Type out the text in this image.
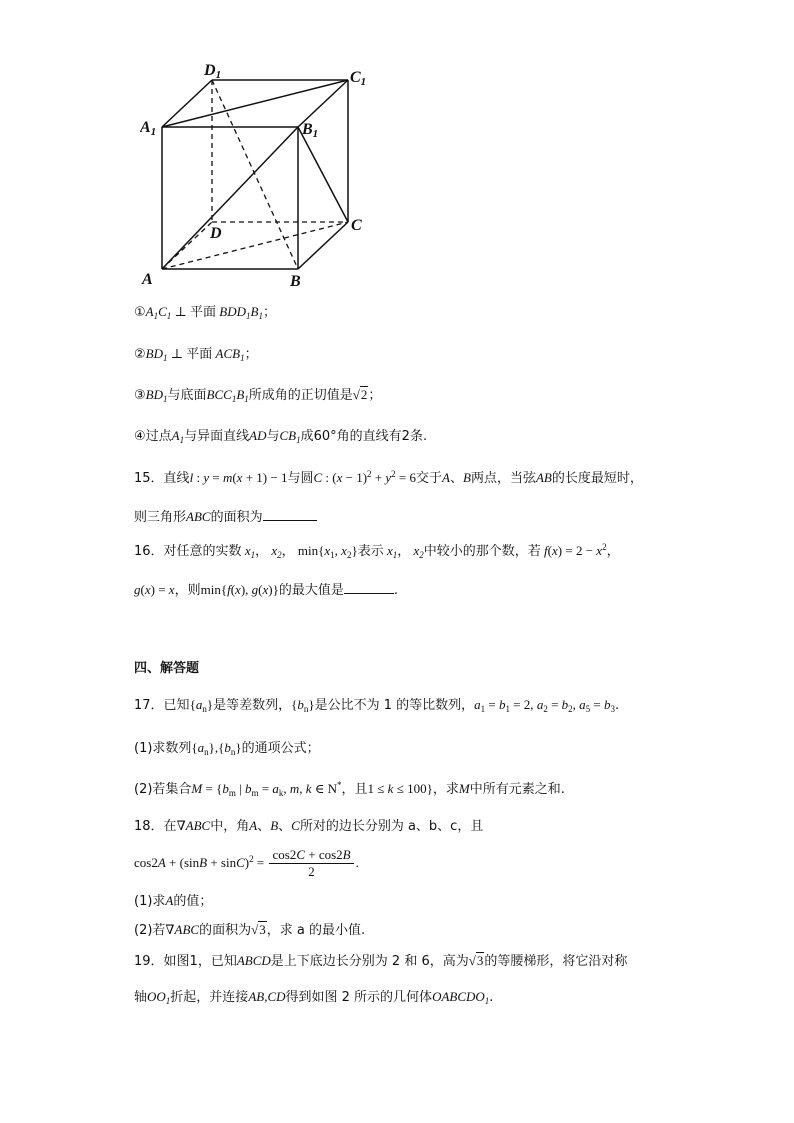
A	B
C
D
A1	B1
C1
D1
$①A_1C_1$ ⊥ 平面 $BDD_1B_1$；
$②BD_1$ ⊥ 平面 $ACB_1$；
$③BD_1$与底面$BCC_1B_1$所成角的正切值是√2；
④过点$A_1$与异面直线AD与$CB_1$成60°角的直线有2条.
15．直线l : y = m(x + 1) − 1与圆C : $(x - 1)^2 + y^2 = 6$交于A、B两点，当弦AB的长度最短时，
则三角形ABC的面积为
16．对任意的实数 $x_1$， $x_2$， $\min\{x_1$, $x_2$}表示 $x_1$， $x_2$中较小的那个数，若 $f(x) = 2 - x^2$，
g(x) = x，则min{f(x), g(x)}的最大值是	.
四、解答题
17．已知$\{a_n\}$是等差数列，$\{b_n\}$是公比不为 1 的等比数列，$a_1 = b_1 = 2$, $a_2 = b_2$, $a_5 = b_3$.
(1)求数列$\{a_n\},\{b_n\}$的通项公式；
(2)若集合$M = \{b_m$ | $b_m = a_k$, m, k ∈ N*，且1 ≤ k ≤ 100}，求M中所有元素之和.
18．在∇ABC中，角A、B、C所对的边长分别为 a、b、c，且
$\cos 2A + (\sin B + \sin C)^2 = \frac{\cos 2C + \cos 2B}{2}$ .
(1)求A的值；
(2)若∇ABC的面积为√3，求 a 的最小值.
19．如图1，已知ABCD是上下底边长分别为 2 和 6，高为√3的等腰梯形，将它沿对称
轴$OO_1$折起，并连接AB,CD得到如图 2 所示的几何体$OABCDO_1$.
